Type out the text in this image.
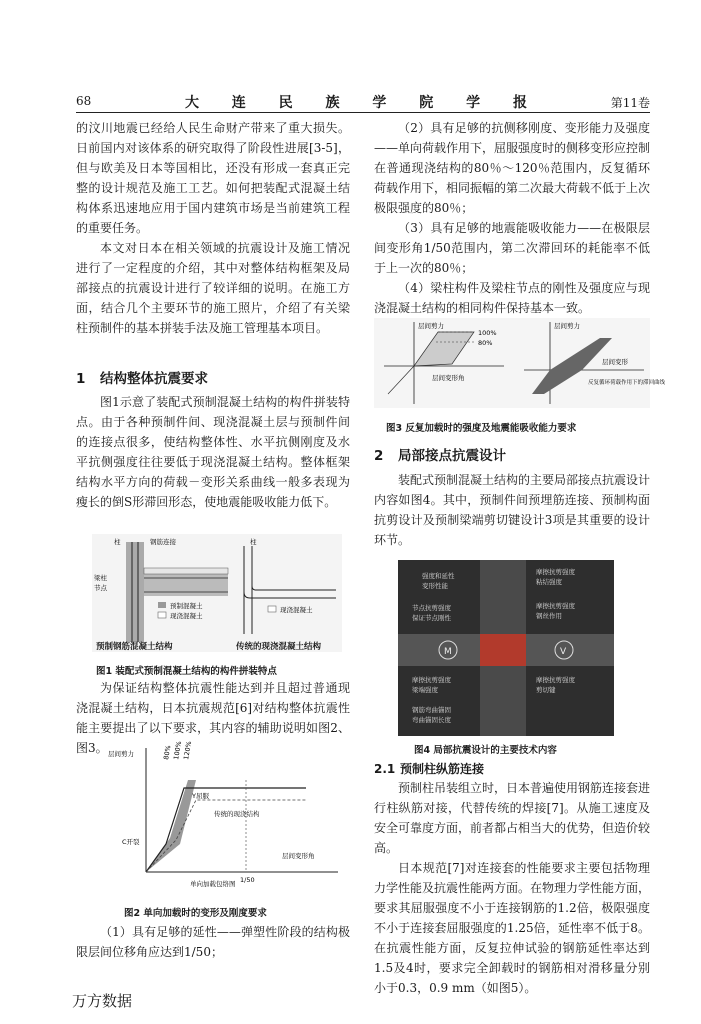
68	大 连 民 族 学 院 学 报	第11卷

的汶川地震已经给人民生命财产带来了重大损失。日前国内对该体系的研究取得了阶段性进展[3-5]，但与欧美及日本等国相比，还没有形成一套真正完整的设计规范及施工工艺。如何把装配式混凝土结构体系迅速地应用于国内建筑市场是当前建筑工程的重要任务。

本文对日本在相关领域的抗震设计及施工情况进行了一定程度的介绍，其中对整体结构框架及局部接点的抗震设计进行了较详细的说明。在施工方面，结合几个主要环节的施工照片，介绍了有关梁柱预制件的基本拼装手法及施工管理基本项目。

1 结构整体抗震要求

图1示意了装配式预制混凝土结构的构件拼装特点。由于各种预制件间、现浇混凝土层与预制件间的连接点很多，使结构整体性、水平抗侧刚度及水平抗侧强度往往要低于现浇混凝土结构。整体框架结构水平方向的荷载－变形关系曲线一般多表现为瘦长的倒S形滞回形态，使地震能吸收能力低下。

柱	钢筋连接
梁柱
节点
预制混凝土
现浇混凝土
柱
现浇混凝土
预制钢筋混凝土结构	传统的现浇混凝土结构
图1 装配式预制混凝土结构的构件拼装特点

为保证结构整体抗震性能达到并且超过普通现浇混凝土结构，日本抗震规范[6]对结构整体抗震性能主要提出了以下要求，其内容的辅助说明如图2、图3。 层间剪力	80% 100%
120%
Y屈服
C开裂
传统的现浇结构
单向加载包络图 1/50
层间变形角
图2 单向加载时的变形及刚度要求

（1）具有足够的延性——弹塑性阶段的结构极限层间位移角应达到1/50；

（2）具有足够的抗侧移刚度、变形能力及强度——单向荷载作用下，屈服强度时的侧移变形应控制在普通现浇结构的80％～120％范围内，反复循环荷载作用下，相同振幅的第二次最大荷载不低于上次极限强度的80％；

（3）具有足够的地震能吸收能力——在极限层间变形角1/50范围内，第二次滞回环的耗能率不低于上一次的80％；

（4）梁柱构件及梁柱节点的刚性及强度应与现浇混凝土结构的相同构件保持基本一致。

层间剪力
100%
80%
层间变形角
层间剪力
层间变形
反复循环荷载作用下的滞回曲线
图3 反复加载时的强度及地震能吸收能力要求
2 局部接点抗震设计

装配式预制混凝土结构的主要局部接点抗震设计内容如图4。其中，预制件间预埋筋连接、预制构面抗剪设计及预制梁端剪切键设计3项是其重要的设计环节。

M	V
强度和延性
变形性能
摩擦抗剪强度
粘结强度
节点抗剪强度
保证节点刚性
摩擦抗剪强度
钢丝作用
摩擦抗剪强度
梁端强度
摩擦抗剪强度
剪切键
钢筋弯曲锚固
弯曲锚固长度
图4 局部抗震设计的主要技术内容
2.1 预制柱纵筋连接

预制柱吊装组立时，日本普遍使用钢筋连接套进行柱纵筋对接，代替传统的焊接[7]。从施工速度及安全可靠度方面，前者都占相当大的优势，但造价较高。

日本规范[7]对连接套的性能要求主要包括物理力学性能及抗震性能两方面。在物理力学性能方面，要求其屈服强度不小于连接钢筋的1.2倍，极限强度不小于连接套屈服强度的1.25倍，延性率不低于8。在抗震性能方面，反复拉伸试验的钢筋延性率达到1.5及4时，要求完全卸载时的钢筋相对滑移量分别小于0.3，0.9 mm（如图5）。

万方数据
